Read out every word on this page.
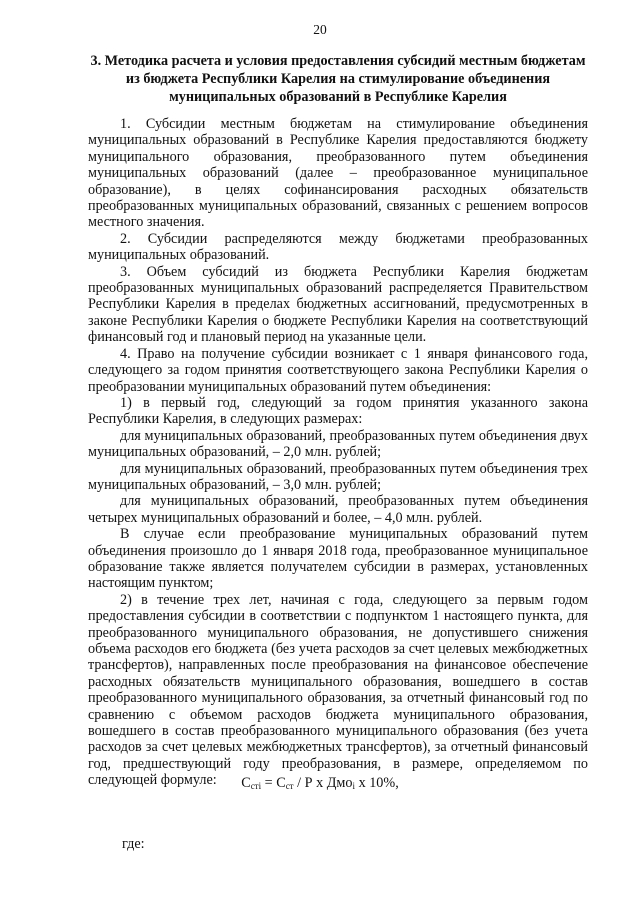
20
3. Методика расчета и условия предоставления субсидий местным бюджетам из бюджета Республики Карелия на стимулирование объединения муниципальных образований в Республике Карелия

1. Субсидии местным бюджетам на стимулирование объединения муниципальных образований в Республике Карелия предоставляются бюджету муниципального образования, преобразованного путем объединения муниципальных образований (далее – преобразованное муниципальное образование), в целях софинансирования расходных обязательств преобразованных муниципальных образований, связанных с решением вопросов местного значения.

2. Субсидии распределяются между бюджетами преобразованных муниципальных образований.

3. Объем субсидий из бюджета Республики Карелия бюджетам преобразованных муниципальных образований распределяется Правительством Республики Карелия в пределах бюджетных ассигнований, предусмотренных в законе Республики Карелия о бюджете Республики Карелия на соответствующий финансовый год и плановый период на указанные цели.

4. Право на получение субсидии возникает с 1 января финансового года, следующего за годом принятия соответствующего закона Республики Карелия о преобразовании муниципальных образований путем объединения:

1) в первый год, следующий за годом принятия указанного закона Республики Карелия, в следующих размерах:

для муниципальных образований, преобразованных путем объединения двух муниципальных образований, – 2,0 млн. рублей;

для муниципальных образований, преобразованных путем объединения трех муниципальных образований, – 3,0 млн. рублей;

для муниципальных образований, преобразованных путем объединения четырех муниципальных образований и более, – 4,0 млн. рублей.

В случае если преобразование муниципальных образований путем объединения произошло до 1 января 2018 года, преобразованное муниципальное образование также является получателем субсидии в размерах, установленных настоящим пунктом;

2) в течение трех лет, начиная с года, следующего за первым годом предоставления субсидии в соответствии с подпунктом 1 настоящего пункта, для преобразованного муниципального образования, не допустившего снижения объема расходов его бюджета (без учета расходов за счет целевых межбюджетных трансфертов), направленных после преобразования на финансовое обеспечение расходных обязательств муниципального образования, вошедшего в состав преобразованного муниципального образования, за отчетный финансовый год по сравнению с объемом расходов бюджета муниципального образования, вошедшего в состав преобразованного муниципального образования (без учета расходов за счет целевых межбюджетных трансфертов), за отчетный финансовый год, предшествующий году преобразования, в размере, определяемом по следующей формуле:	$С_{сті} = С_{ст} / Р$ х Дмо$_і$ х 10%,
где:
